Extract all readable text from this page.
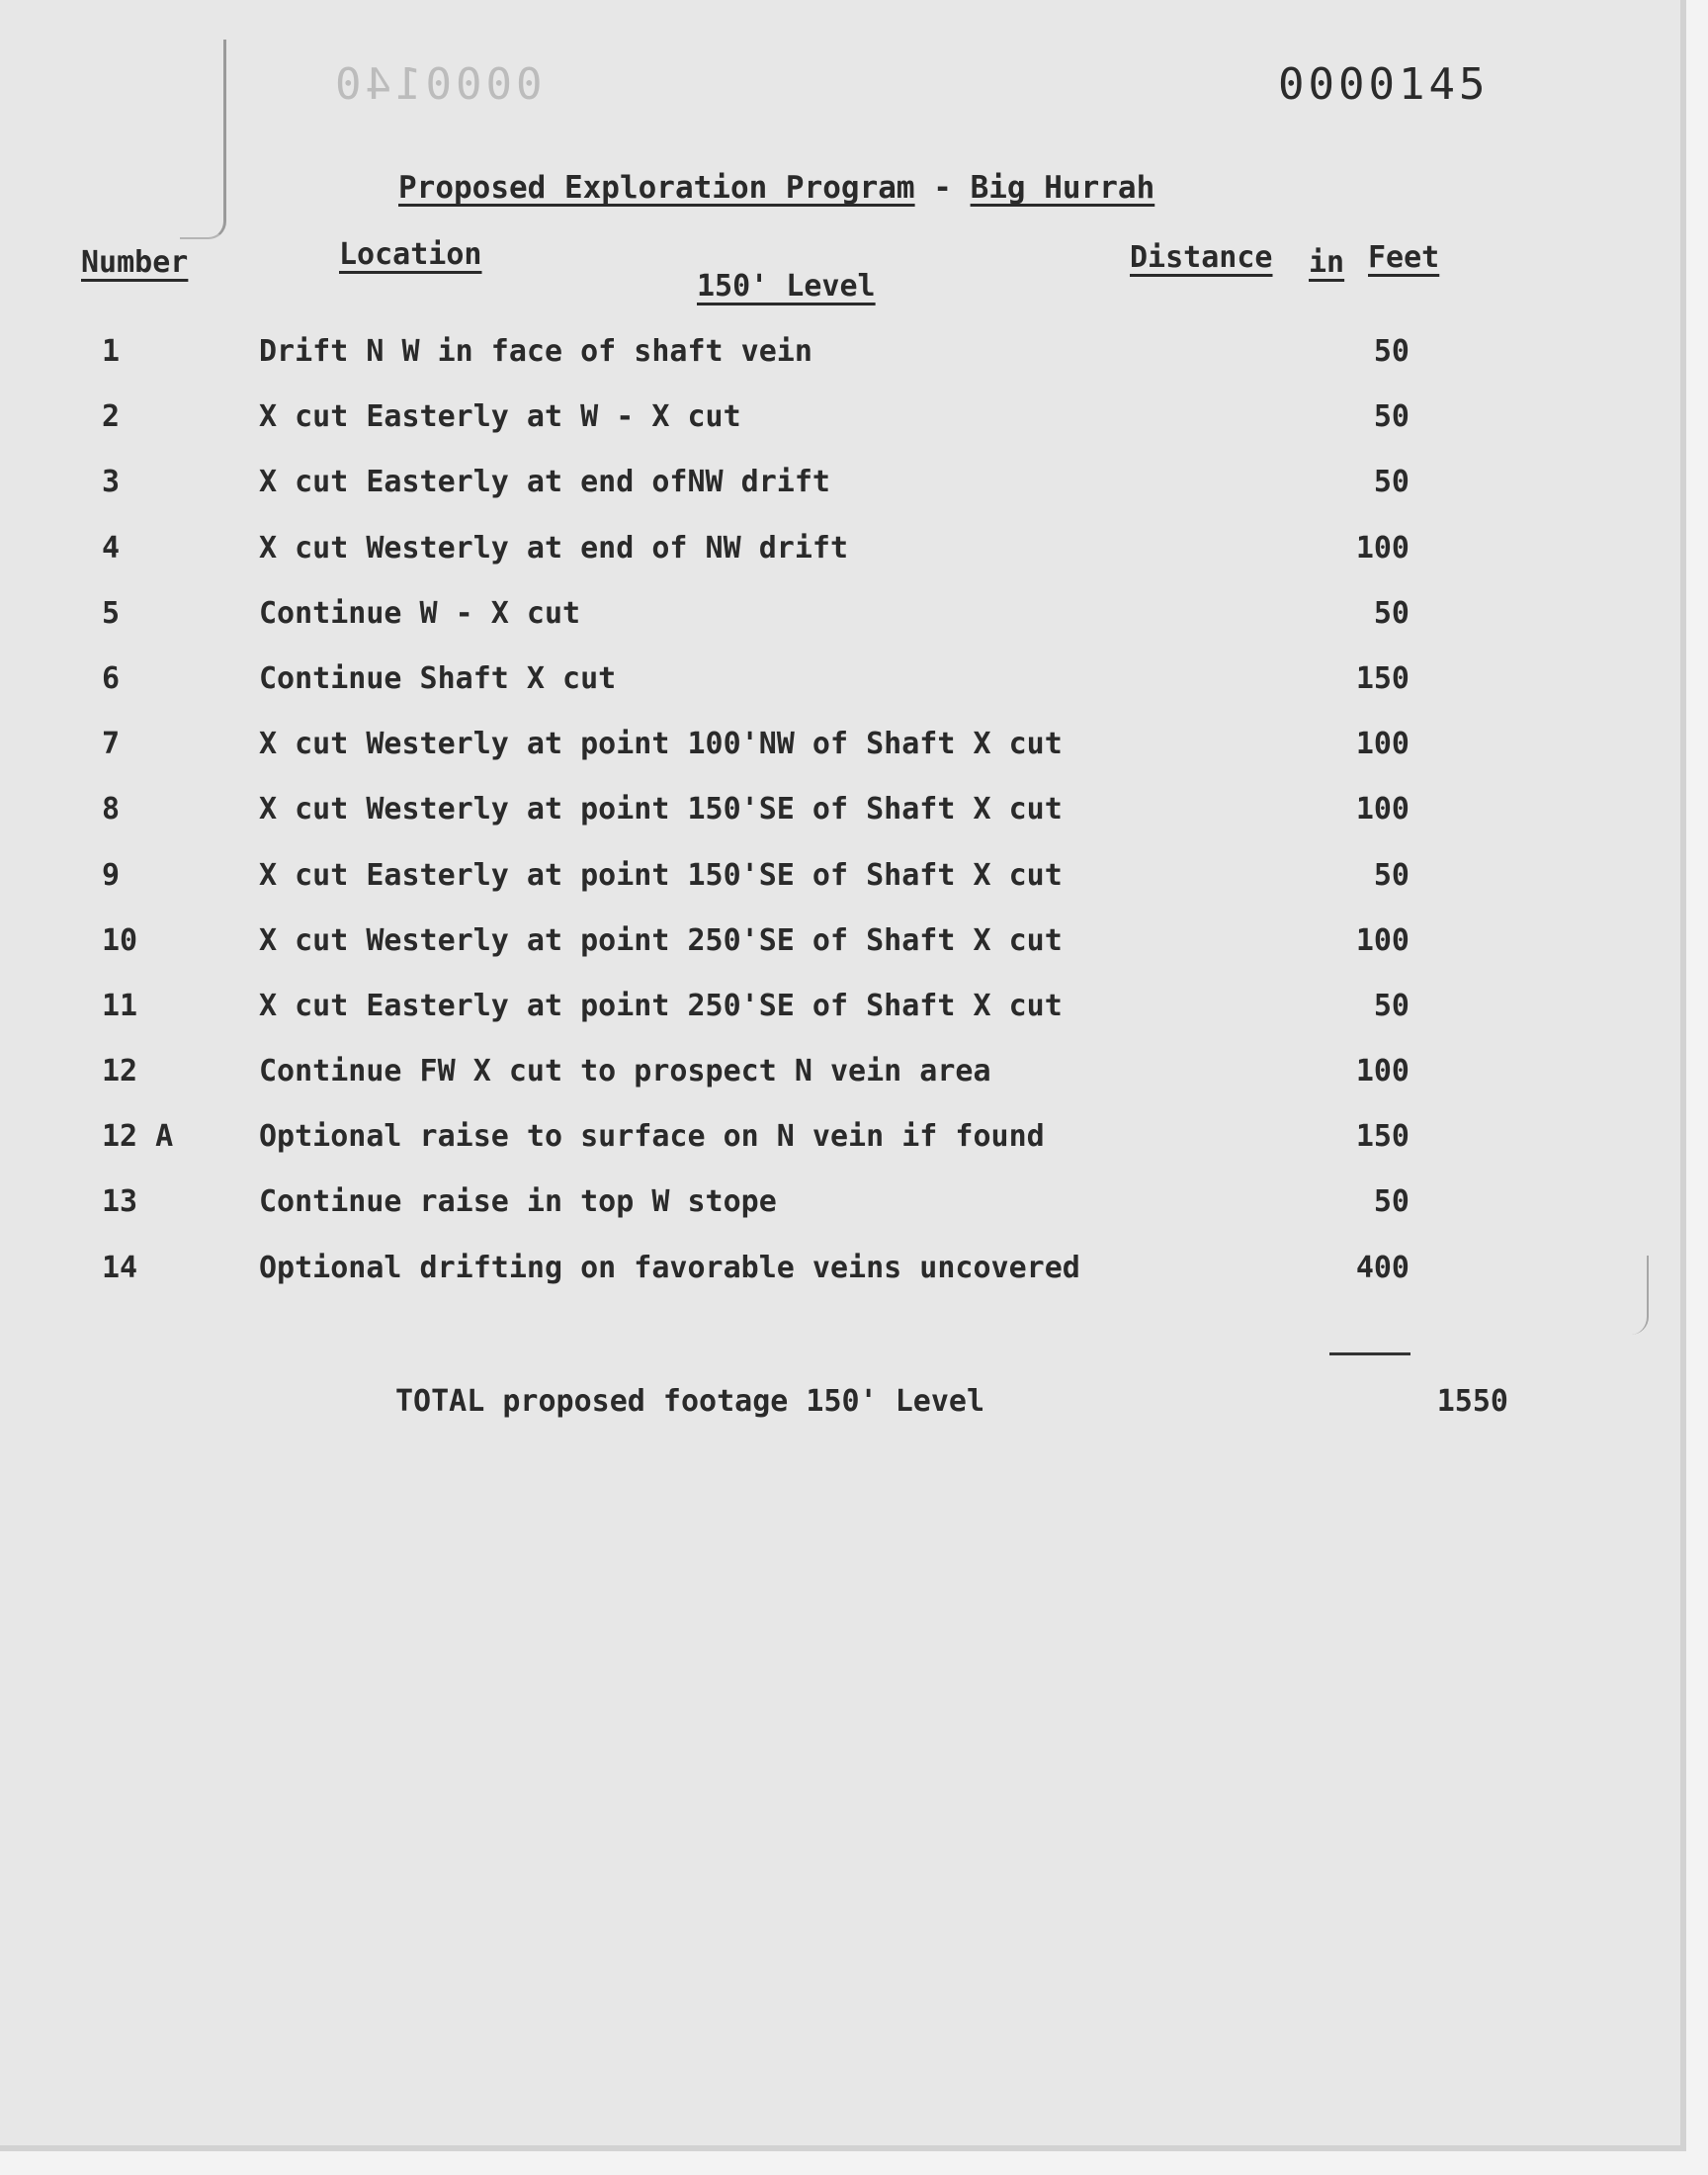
0000140	0000145
Proposed Exploration Program - Big Hurrah
Number	Location	Distance in Feet
150' Level
1	Drift N W in face of shaft vein	50
2	X cut Easterly at W - X cut	50
3	X cut Easterly at end ofNW drift	50
4	X cut Westerly at end of NW drift	100
5	Continue W - X cut	50
6	Continue Shaft X cut	150
7	X cut Westerly at point 100'NW of Shaft X cut	100
8	X cut Westerly at point 150'SE of Shaft X cut	100
9	X cut Easterly at point 150'SE of Shaft X cut	50
10	X cut Westerly at point 250'SE of Shaft X cut	100
11	X cut Easterly at point 250'SE of Shaft X cut	50
12	Continue FW X cut to prospect N vein area	100
12 A	Optional raise to surface on N vein if found	150
13	Continue raise in top W stope	50
14	Optional drifting on favorable veins uncovered	400
TOTAL proposed footage 150' Level	1550
